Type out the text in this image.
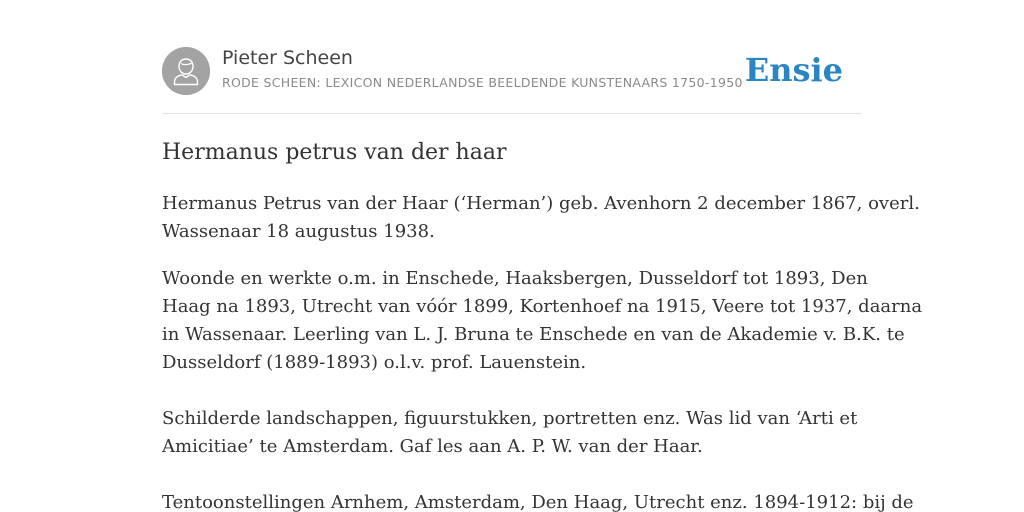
Pieter Scheen
RODE SCHEEN: LEXICON NEDERLANDSE BEELDENDE KUNSTENAARS 1750-1950 Ensie
Hermanus petrus van der haar

Hermanus Petrus van der Haar (‘Herman’) geb. Avenhorn 2 december 1867, overl.
Wassenaar 18 augustus 1938.

Woonde en werkte o.m. in Enschede, Haaksbergen, Dusseldorf tot 1893, Den
Haag na 1893, Utrecht van vóór 1899, Kortenhoef na 1915, Veere tot 1937, daarna
in Wassenaar. Leerling van L. J. Bruna te Enschede en van de Akademie v. B.K. te
Dusseldorf (1889-1893) o.l.v. prof. Lauenstein.
Schilderde landschappen, figuurstukken, portretten enz. Was lid van ‘Arti et
Amicitiae’ te Amsterdam. Gaf les aan A. P. W. van der Haar.
Tentoonstellingen Arnhem, Amsterdam, Den Haag, Utrecht enz. 1894-1912: bij de
